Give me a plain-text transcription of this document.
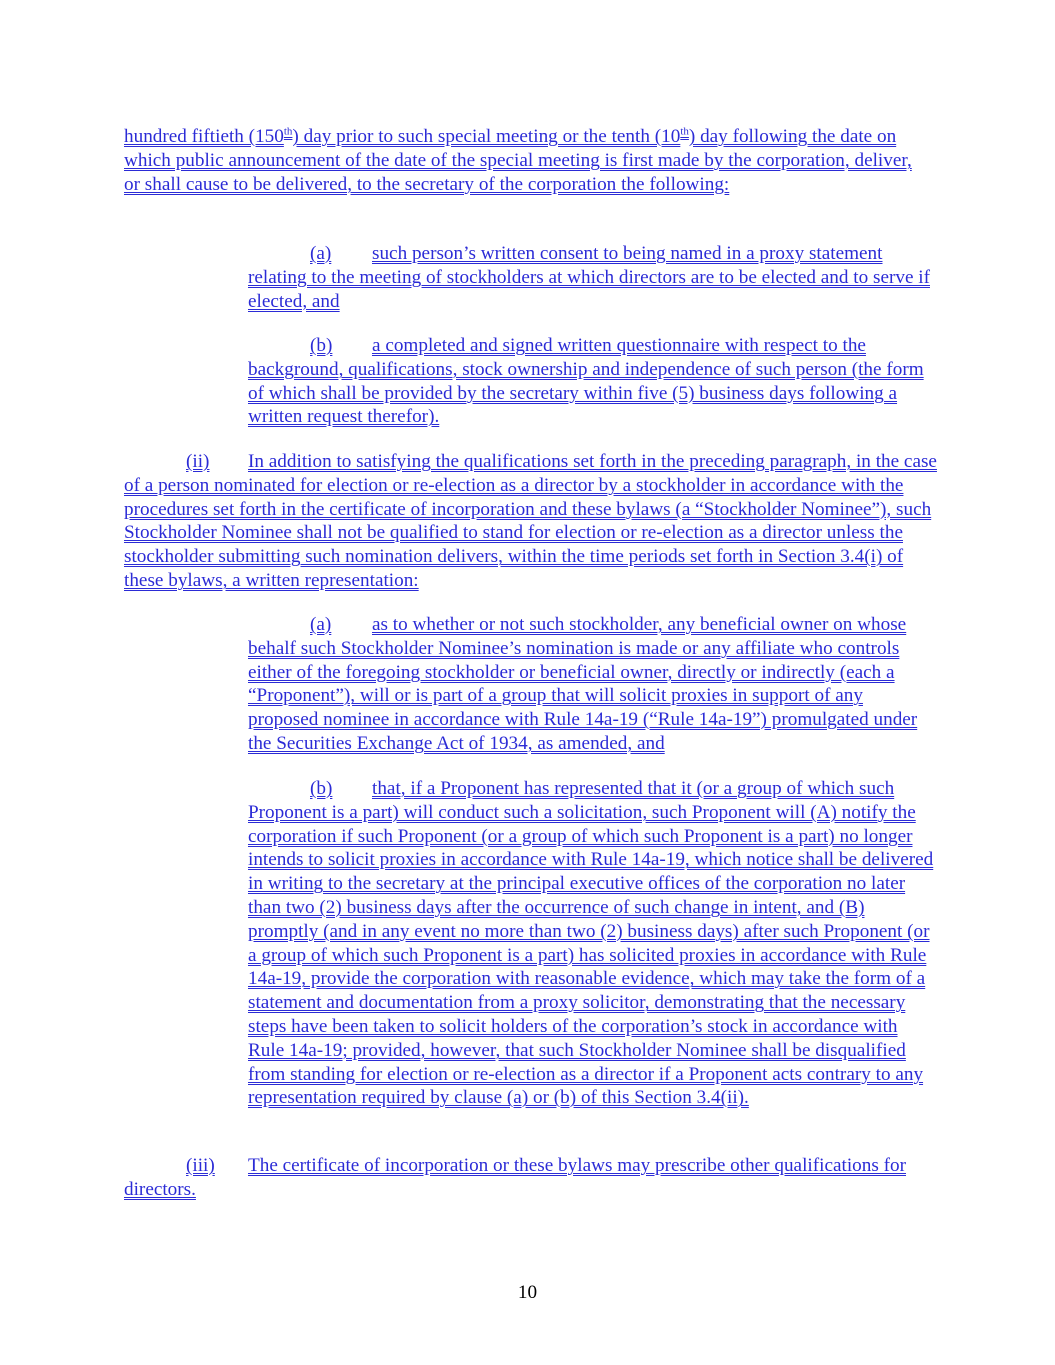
hundred fiftieth (150th) day prior to such special meeting or the tenth (10th) day following the date on which public announcement of the date of the special meeting is first made by the corporation, deliver, or shall cause to be delivered, to the secretary of the corporation the following:

(a) such person’s written consent to being named in a proxy statement relating to the meeting of stockholders at which directors are to be elected and to serve if elected, and

(b) a completed and signed written questionnaire with respect to the background, qualifications, stock ownership and independence of such person (the form of which shall be provided by the secretary within five (5) business days following a written request therefor).

(ii) In addition to satisfying the qualifications set forth in the preceding paragraph, in the case of a person nominated for election or re-election as a director by a stockholder in accordance with the procedures set forth in the certificate of incorporation and these bylaws (a “Stockholder Nominee”), such Stockholder Nominee shall not be qualified to stand for election or re-election as a director unless the stockholder submitting such nomination delivers, within the time periods set forth in Section 3.4(i) of these bylaws, a written representation:

(a) as to whether or not such stockholder, any beneficial owner on whose behalf such Stockholder Nominee’s nomination is made or any affiliate who controls either of the foregoing stockholder or beneficial owner, directly or indirectly (each a “Proponent”), will or is part of a group that will solicit proxies in support of any proposed nominee in accordance with Rule 14a-19 (“Rule 14a-19”) promulgated under the Securities Exchange Act of 1934, as amended, and

(b) that, if a Proponent has represented that it (or a group of which such Proponent is a part) will conduct such a solicitation, such Proponent will (A) notify the corporation if such Proponent (or a group of which such Proponent is a part) no longer intends to solicit proxies in accordance with Rule 14a-19, which notice shall be delivered in writing to the secretary at the principal executive offices of the corporation no later than two (2) business days after the occurrence of such change in intent, and (B) promptly (and in any event no more than two (2) business days) after such Proponent (or a group of which such Proponent is a part) has solicited proxies in accordance with Rule 14a-19, provide the corporation with reasonable evidence, which may take the form of a statement and documentation from a proxy solicitor, demonstrating that the necessary steps have been taken to solicit holders of the corporation’s stock in accordance with Rule 14a-19; provided, however, that such Stockholder Nominee shall be disqualified from standing for election or re-election as a director if a Proponent acts contrary to any representation required by clause (a) or (b) of this Section 3.4(ii).

(iii) The certificate of incorporation or these bylaws may prescribe other qualifications for directors.

10
